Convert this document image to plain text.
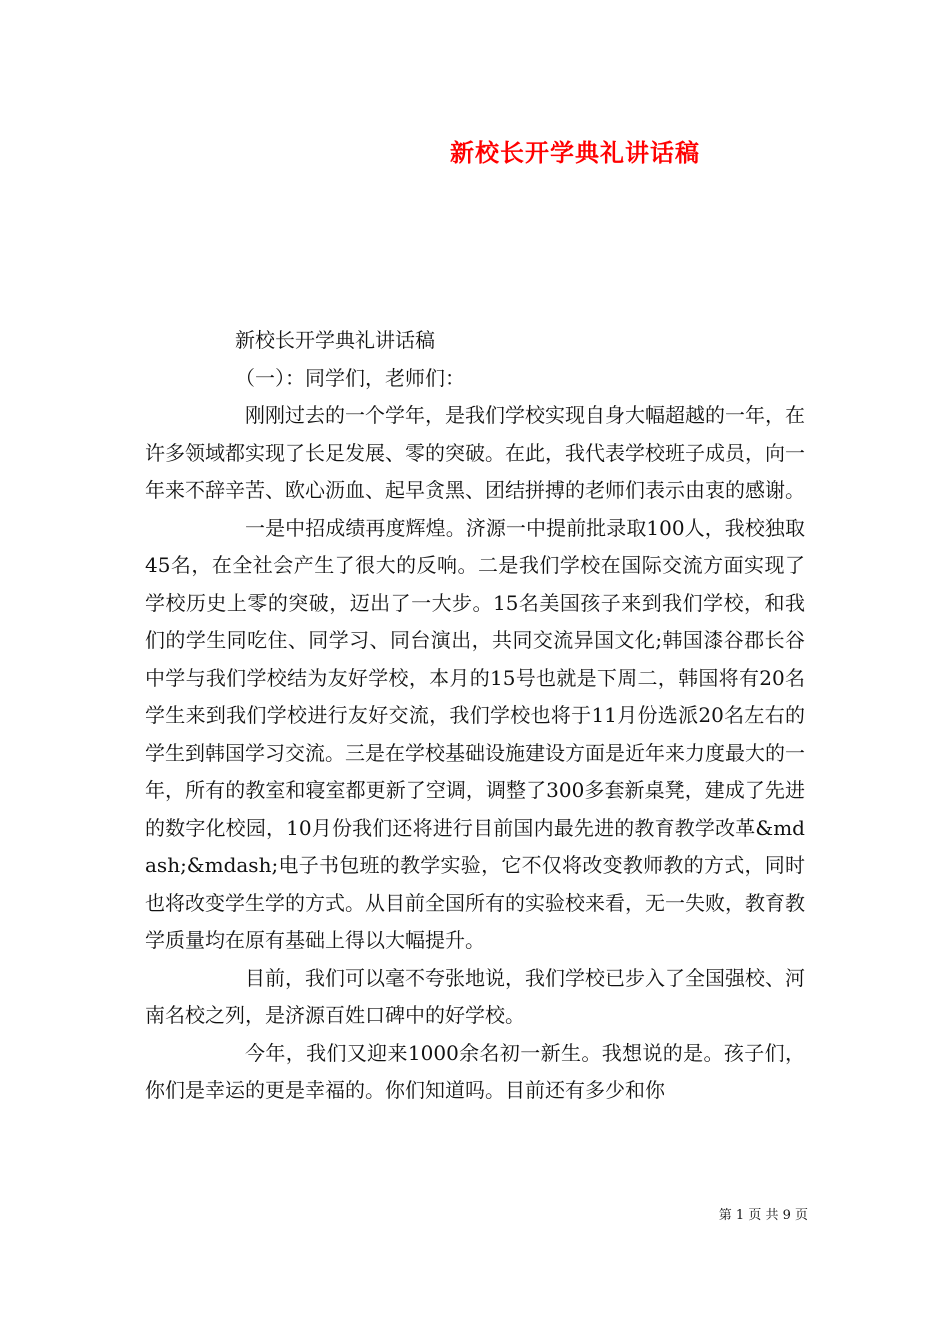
新校长开学典礼讲话稿

新校长开学典礼讲话稿

（一）：同学们，老师们：

刚刚过去的一个学年，是我们学校实现自身大幅超越的一年，在许多领域都实现了长足发展、零的突破。在此，我代表学校班子成员，向一年来不辞辛苦、欧心沥血、起早贪黑、团结拼搏的老师们表示由衷的感谢。

一是中招成绩再度辉煌。济源一中提前批录取100人，我校独取45名，在全社会产生了很大的反响。二是我们学校在国际交流方面实现了学校历史上零的突破，迈出了一大步。15名美国孩子来到我们学校，和我们的学生同吃住、同学习、同台演出，共同交流异国文化;韩国漆谷郡长谷中学与我们学校结为友好学校，本月的15号也就是下周二，韩国将有20名学生来到我们学校进行友好交流，我们学校也将于11月份选派20名左右的学生到韩国学习交流。三是在学校基础设施建设方面是近年来力度最大的一年，所有的教室和寝室都更新了空调，调整了300多套新桌凳，建成了先进的数字化校园，10月份我们还将进行目前国内最先进的教育教学改革&mdash;&mdash;电子书包班的教学实验，它不仅将改变教师教的方式，同时也将改变学生学的方式。从目前全国所有的实验校来看，无一失败，教育教学质量均在原有基础上得以大幅提升。

目前，我们可以毫不夸张地说，我们学校已步入了全国强校、河南名校之列，是济源百姓口碑中的好学校。

今年，我们又迎来1000余名初一新生。我想说的是。孩子们，你们是幸运的更是幸福的。你们知道吗。目前还有多少和你

第 1 页 共 9 页
